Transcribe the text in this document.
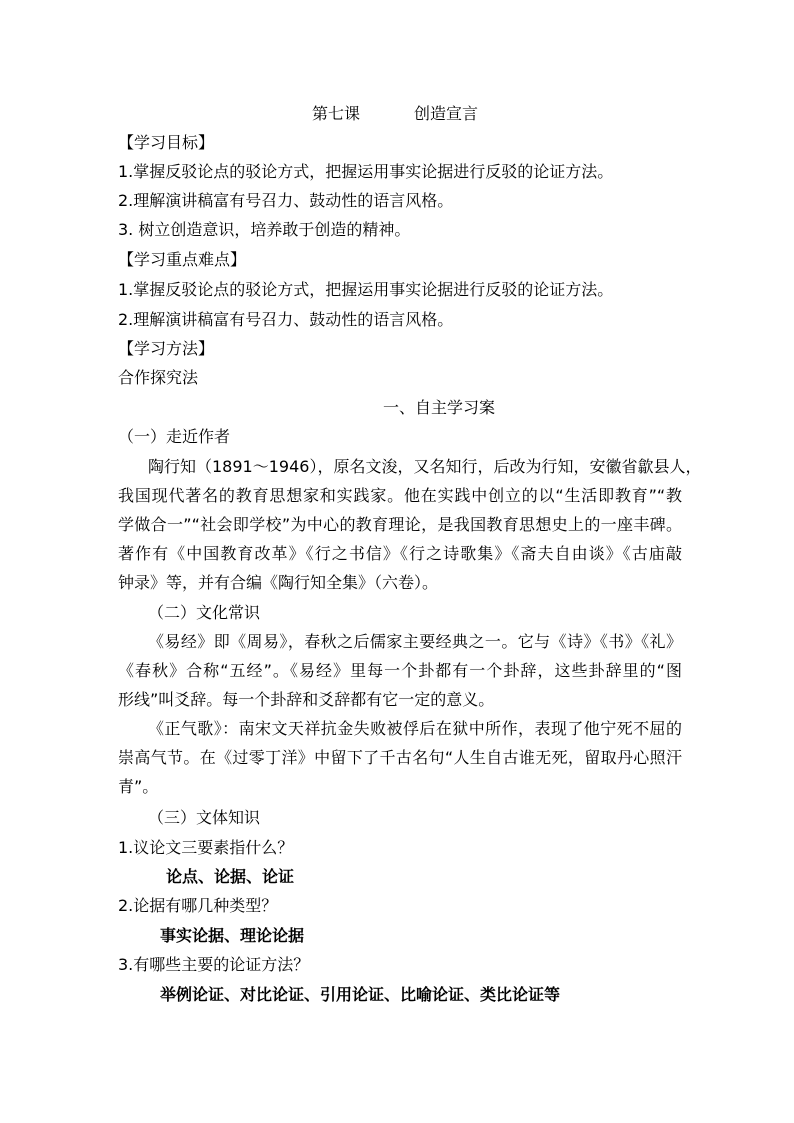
第七课	创造宣言
【学习目标】
1.掌握反驳论点的驳论方式，把握运用事实论据进行反驳的论证方法。
2.理解演讲稿富有号召力、鼓动性的语言风格。
3. 树立创造意识，培养敢于创造的精神。
【学习重点难点】
1.掌握反驳论点的驳论方式，把握运用事实论据进行反驳的论证方法。
2.理解演讲稿富有号召力、鼓动性的语言风格。
【学习方法】
合作探究法
一、自主学习案
（一）走近作者
陶行知（1891～1946），原名文浚，又名知行，后改为行知，安徽省歙县人，
我国现代著名的教育思想家和实践家。他在实践中创立的以“生活即教育”“教
学做合一”“社会即学校”为中心的教育理论，是我国教育思想史上的一座丰碑。
著作有《中国教育改革》《行之书信》《行之诗歌集》《斋夫自由谈》《古庙敲
钟录》等，并有合编《陶行知全集》（六卷）。
（二）文化常识
《易经》即《周易》，春秋之后儒家主要经典之一。它与《诗》《书》《礼》
《春秋》合称“五经”。《易经》里每一个卦都有一个卦辞，这些卦辞里的“图
形线”叫爻辞。每一个卦辞和爻辞都有它一定的意义。
《正气歌》：南宋文天祥抗金失败被俘后在狱中所作，表现了他宁死不屈的
崇高气节。在《过零丁洋》中留下了千古名句“人生自古谁无死，留取丹心照汗
青”。
（三）文体知识
1.议论文三要素指什么？
论点、论据、论证
2.论据有哪几种类型？
事实论据、理论论据
3.有哪些主要的论证方法？
举例论证、对比论证、引用论证、比喻论证、类比论证等
